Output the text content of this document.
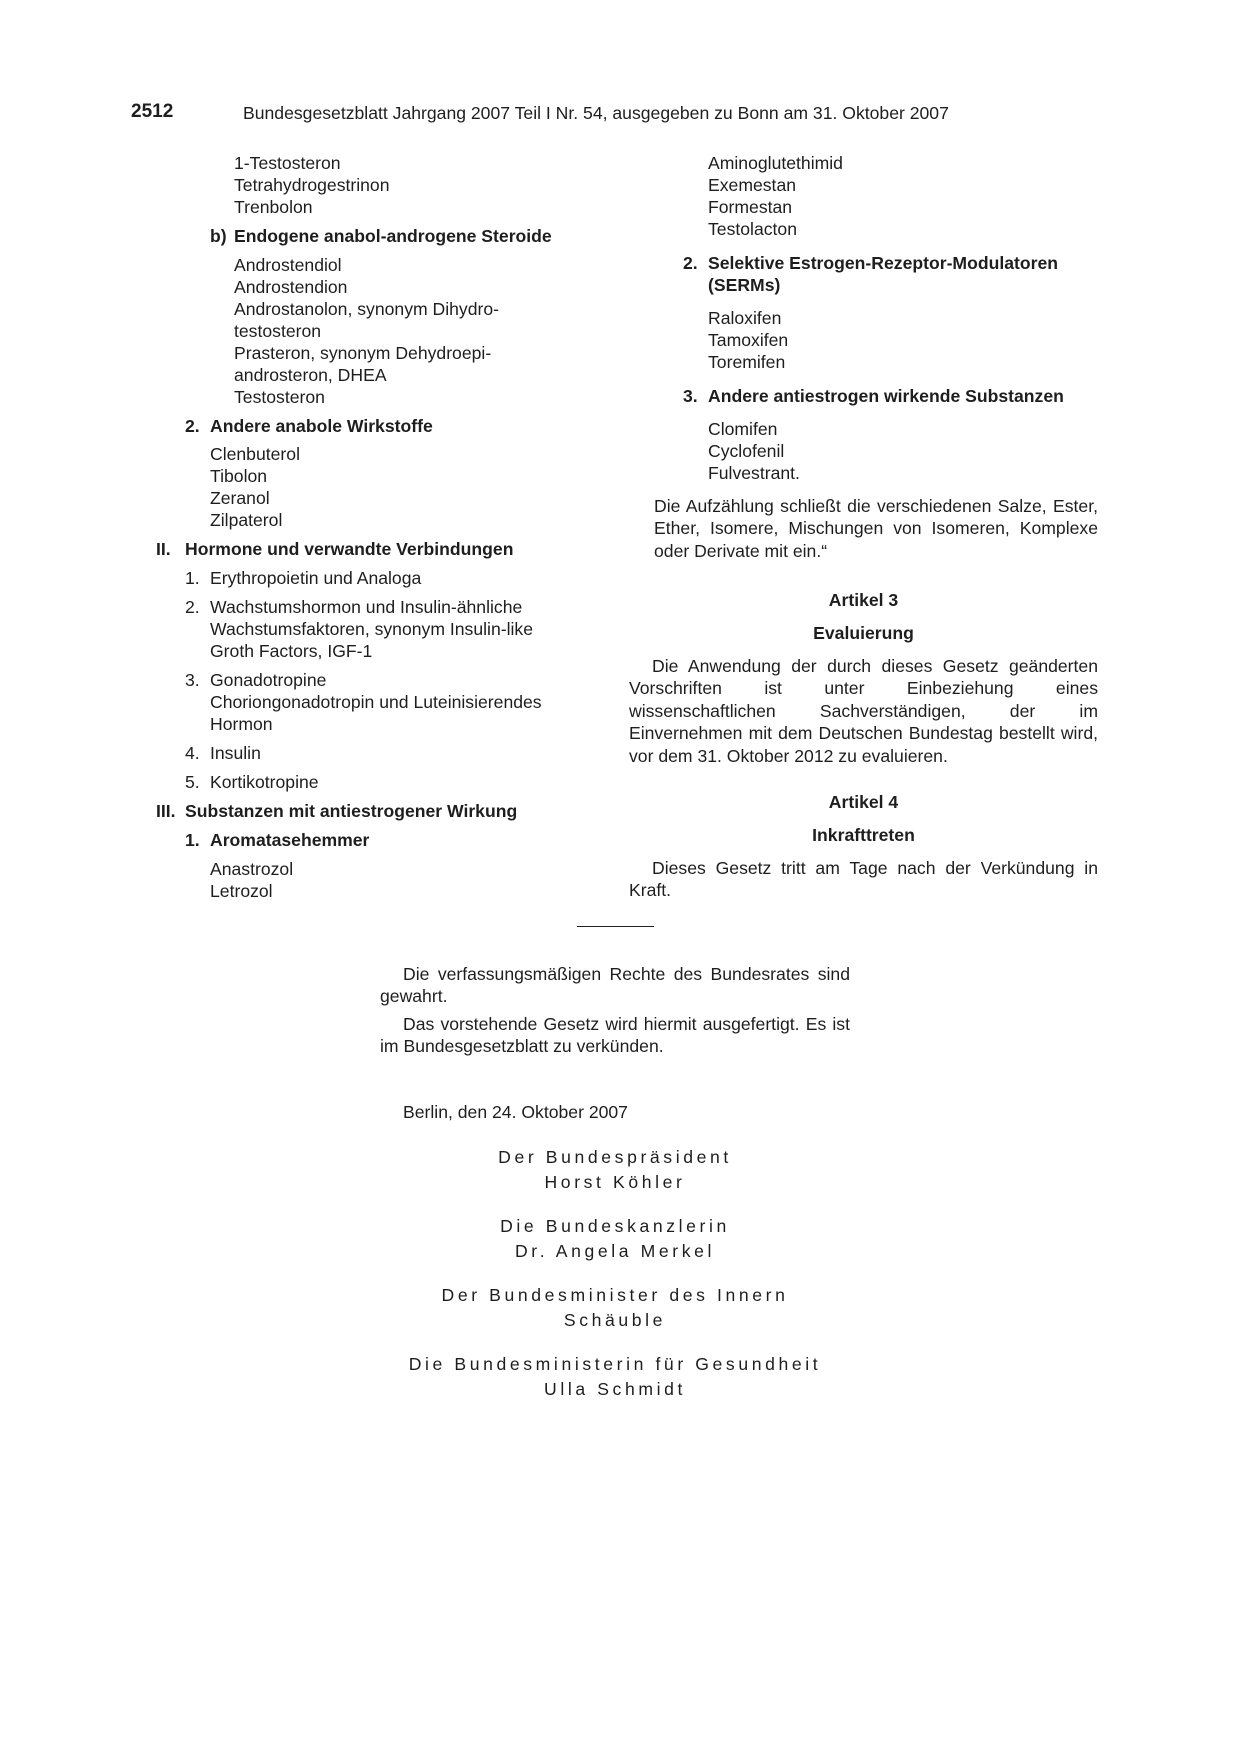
2512	Bundesgesetzblatt Jahrgang 2007 Teil I Nr. 54, ausgegeben zu Bonn am 31. Oktober 2007
1-Testosteron
Tetrahydrogestrinon
Trenbolon
b) Endogene anabol-androgene Steroide
Androstendiol
Androstendion
Androstanolon, synonym Dihydro-
testosteron
Prasteron, synonym Dehydroepi-
androsteron, DHEA
Testosteron
2. Andere anabole Wirkstoffe
Clenbuterol
Tibolon
Zeranol
Zilpaterol
II. Hormone und verwandte Verbindungen
1. Erythropoietin und Analoga
2. Wachstumshormon und Insulin-ähnliche
Wachstumsfaktoren, synonym Insulin-like
Groth Factors, IGF-1
3. Gonadotropine
Choriongonadotropin und Luteinisierendes
Hormon
4. Insulin
5. Kortikotropine
III. Substanzen mit antiestrogener Wirkung
1. Aromatasehemmer
Anastrozol
Letrozol
Aminoglutethimid
Exemestan
Formestan
Testolacton
2. Selektive Estrogen-Rezeptor-Modulatoren
(SERMs)
Raloxifen
Tamoxifen
Toremifen
3. Andere antiestrogen wirkende Substanzen
Clomifen
Cyclofenil
Fulvestrant.
Die Aufzählung schließt die verschiedenen Salze, Ester, Ether, Isomere, Mischungen von Isomeren, Komplexe oder Derivate mit ein.“
Artikel 3
Evaluierung
Die Anwendung der durch dieses Gesetz geänderten Vorschriften ist unter Einbeziehung eines wissenschaftlichen Sachverständigen, der im Einvernehmen mit dem Deutschen Bundestag bestellt wird, vor dem 31. Oktober 2012 zu evaluieren.
Artikel 4
Inkrafttreten
Dieses Gesetz tritt am Tage nach der Verkündung in Kraft.
Die verfassungsmäßigen Rechte des Bundesrates sind gewahrt.
Das vorstehende Gesetz wird hiermit ausgefertigt. Es ist im Bundesgesetzblatt zu verkünden.
Berlin, den 24. Oktober 2007
Der Bundespräsident
Horst Köhler
Die Bundeskanzlerin
Dr. Angela Merkel
Der Bundesminister des Innern
Schäuble
Die Bundesministerin für Gesundheit
Ulla Schmidt
